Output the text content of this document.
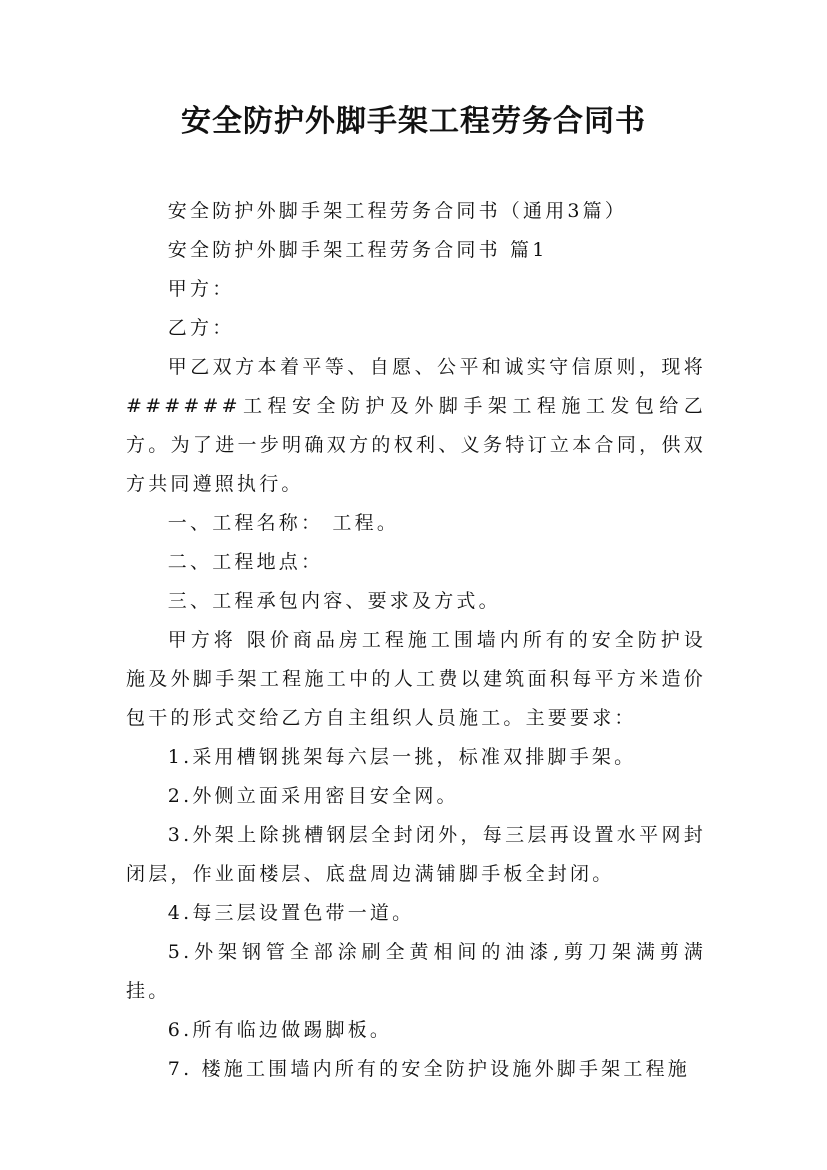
安全防护外脚手架工程劳务合同书

安全防护外脚手架工程劳务合同书（通用3篇）

安全防护外脚手架工程劳务合同书 篇1

甲方：

乙方：

甲乙双方本着平等、自愿、公平和诚实守信原则，现将######工程安全防护及外脚手架工程施工发包给乙方。为了进一步明确双方的权利、义务特订立本合同，供双方共同遵照执行。

一、工程名称： 工程。

二、工程地点：

三、工程承包内容、要求及方式。

甲方将 限价商品房工程施工围墙内所有的安全防护设施及外脚手架工程施工中的人工费以建筑面积每平方米造价包干的形式交给乙方自主组织人员施工。主要要求：

1.采用槽钢挑架每六层一挑，标准双排脚手架。

2.外侧立面采用密目安全网。

3.外架上除挑槽钢层全封闭外，每三层再设置水平网封闭层，作业面楼层、底盘周边满铺脚手板全封闭。

4.每三层设置色带一道。

5.外架钢管全部涂刷全黄相间的油漆,剪刀架满剪满挂。

6.所有临边做踢脚板。

7. 楼施工围墙内所有的安全防护设施外脚手架工程施
